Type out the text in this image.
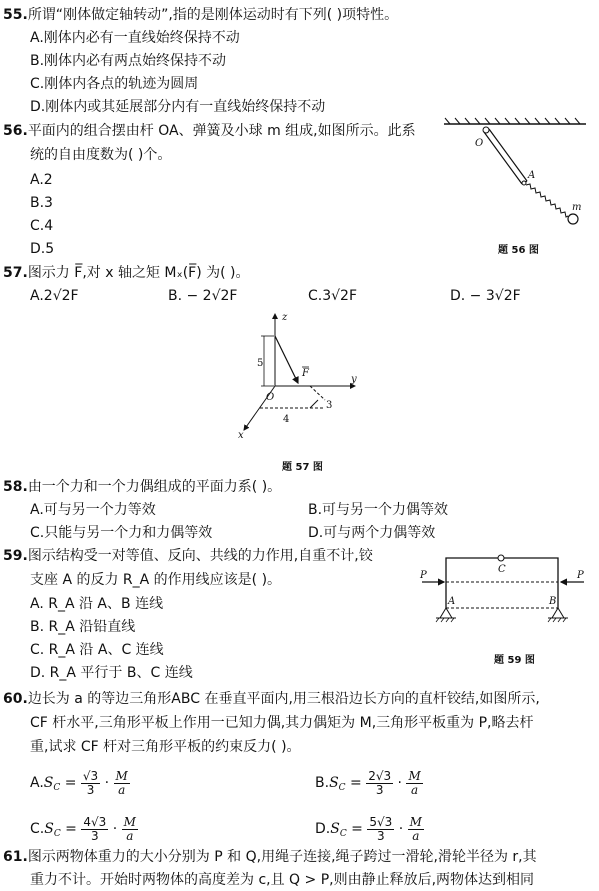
55.所谓“刚体做定轴转动”,指的是刚体运动时有下列( )项特性。
A.刚体内必有一直线始终保持不动
B.刚体内必有两点始终保持不动
C.刚体内各点的轨迹为圆周
D.刚体内或其延展部分内有一直线始终保持不动
56.平面内的组合摆由杆 OA、弹簧及小球 m 组成,如图所示。此系
统的自由度数为( )个。
A.2
B.3
C.4
D.5
O
A
m
题 56 图
57.图示力 F̅,对 x 轴之矩 Mₓ(F̅) 为( )。
A.2√2F	B. − 2√2F	C.3√2F	D. − 3√2F
z
y
x
O
F
5
3
4
题 57 图
58.由一个力和一个力偶组成的平面力系( )。
A.可与另一个力等效	B.可与另一个力偶等效
C.只能与另一个力和力偶等效	D.可与两个力偶等效
59.图示结构受一对等值、反向、共线的力作用,自重不计,铰
支座 A 的反力 R_A 的作用线应该是( )。
A. R_A 沿 A、B 连线
B. R_A 沿铅直线
C. R_A 沿 A、C 连线
D. R_A 平行于 B、C 连线
P	P
C
A	B
题 59 图
60.边长为 a 的等边三角形ABC 在垂直平面内,用三根沿边长方向的直杆铰结,如图所示,
CF 杆水平,三角形平板上作用一已知力偶,其力偶矩为 M,三角形平板重为 P,略去杆
重,试求 CF 杆对三角形平板的约束反力( )。
$A.S_C = \frac{√3}{3} \cdot \frac{M}{a}$	$B.S_C = \frac{2√3}{3} \cdot \frac{M}{a}$
$C.S_C = \frac{4√3}{3} \cdot \frac{M}{a}$	$D.S_C = \frac{5√3}{3} \cdot \frac{M}{a}$
61.图示两物体重力的大小分别为 P 和 Q,用绳子连接,绳子跨过一滑轮,滑轮半径为 r,其
重力不计。开始时两物体的高度差为 c,且 Q > P,则由静止释放后,两物体达到相同
